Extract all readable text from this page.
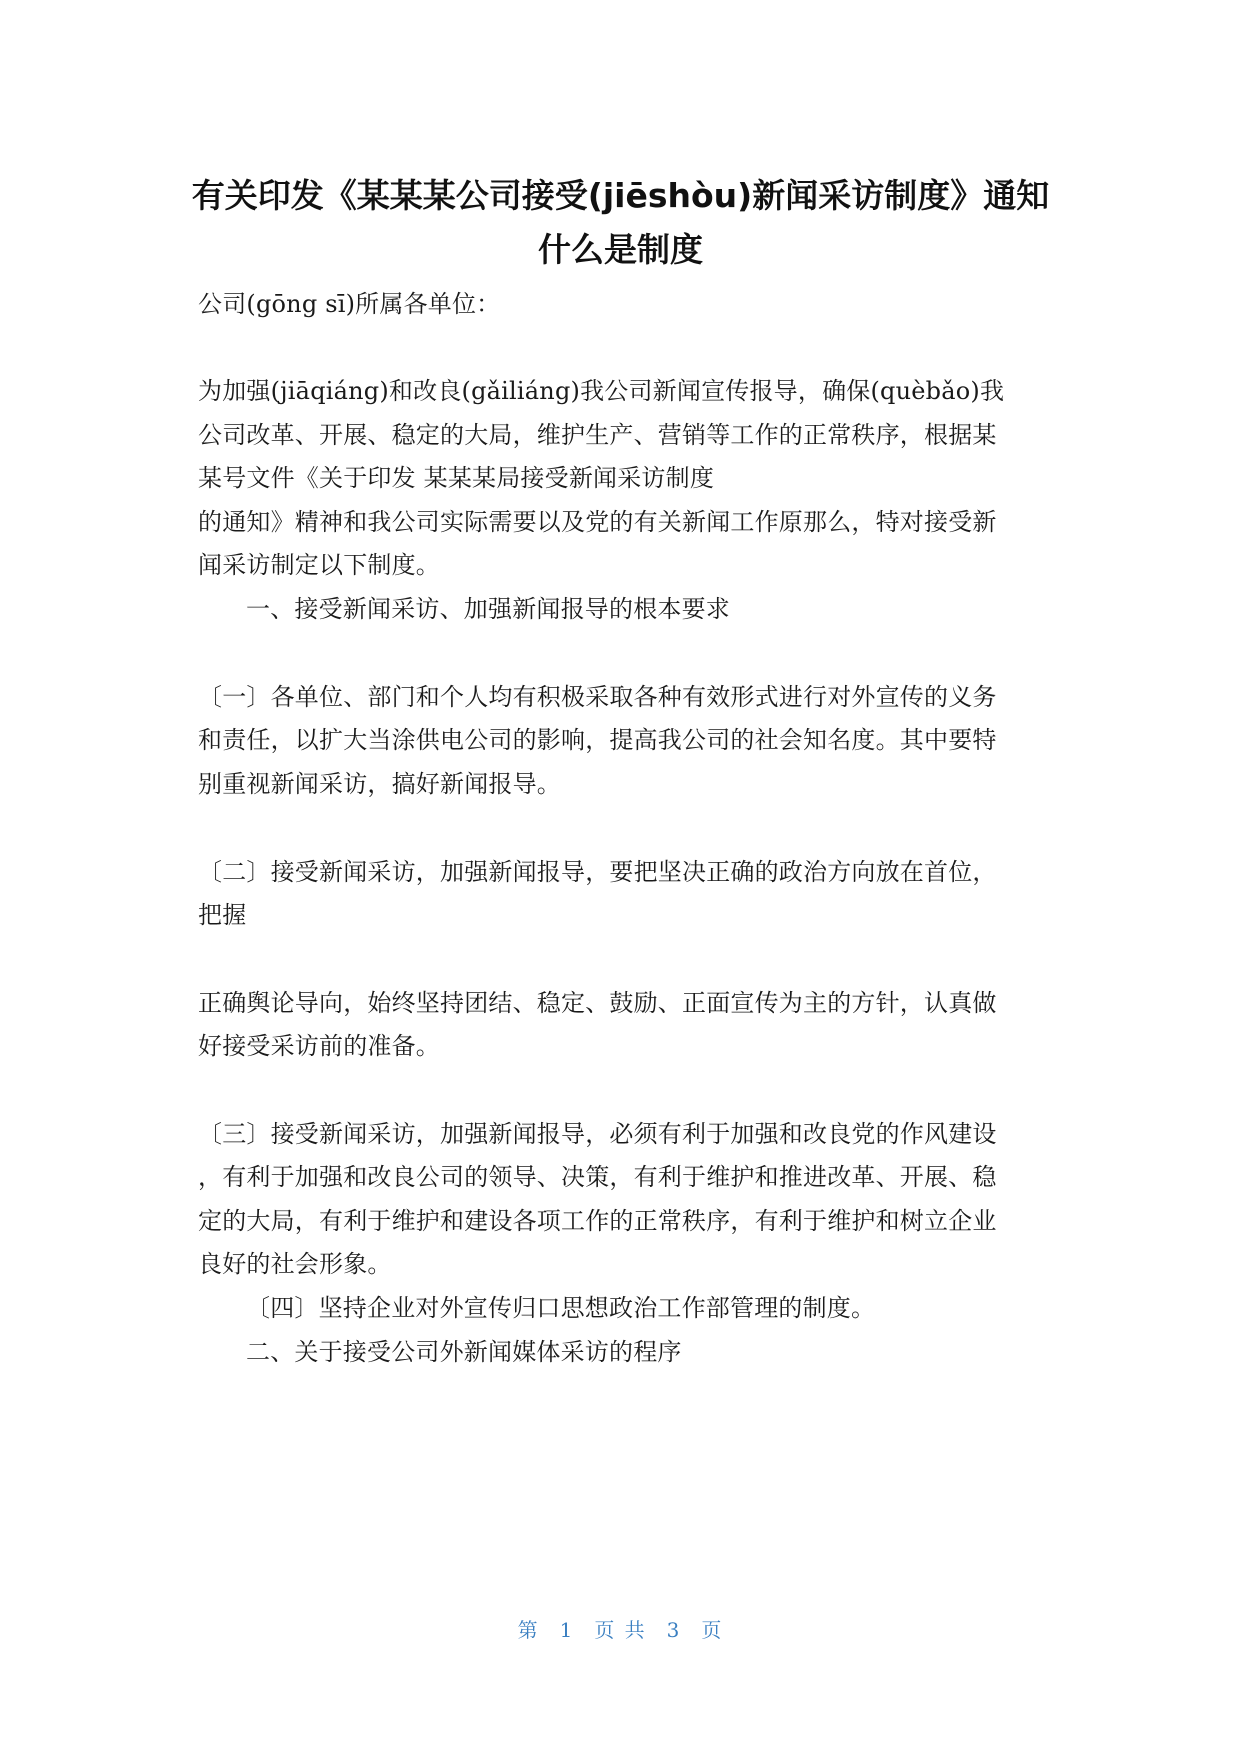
有关印发《某某某公司接受(jiēshòu)新闻采访制度》通知
什么是制度
公司(gōng sī)所属各单位：
为加强(jiāqiáng)和改良(gǎiliáng)我公司新闻宣传报导，确保(quèbǎo)我
公司改革、开展、稳定的大局，维护生产、营销等工作的正常秩序，根据某
某号文件《关于印发 某某某局接受新闻采访制度
的通知》精神和我公司实际需要以及党的有关新闻工作原那么，特对接受新
闻采访制定以下制度。
一、接受新闻采访、加强新闻报导的根本要求
〔一〕各单位、部门和个人均有积极采取各种有效形式进行对外宣传的义务
和责任，以扩大当涂供电公司的影响，提高我公司的社会知名度。其中要特
别重视新闻采访，搞好新闻报导。
〔二〕接受新闻采访，加强新闻报导，要把坚决正确的政治方向放在首位，
把握
正确舆论导向，始终坚持团结、稳定、鼓励、正面宣传为主的方针，认真做
好接受采访前的准备。
〔三〕接受新闻采访，加强新闻报导，必须有利于加强和改良党的作风建设
，有利于加强和改良公司的领导、决策，有利于维护和推进改革、开展、稳
定的大局，有利于维护和建设各项工作的正常秩序，有利于维护和树立企业
良好的社会形象。
〔四〕坚持企业对外宣传归口思想政治工作部管理的制度。
二、关于接受公司外新闻媒体采访的程序
第 1 页 共 3 页
